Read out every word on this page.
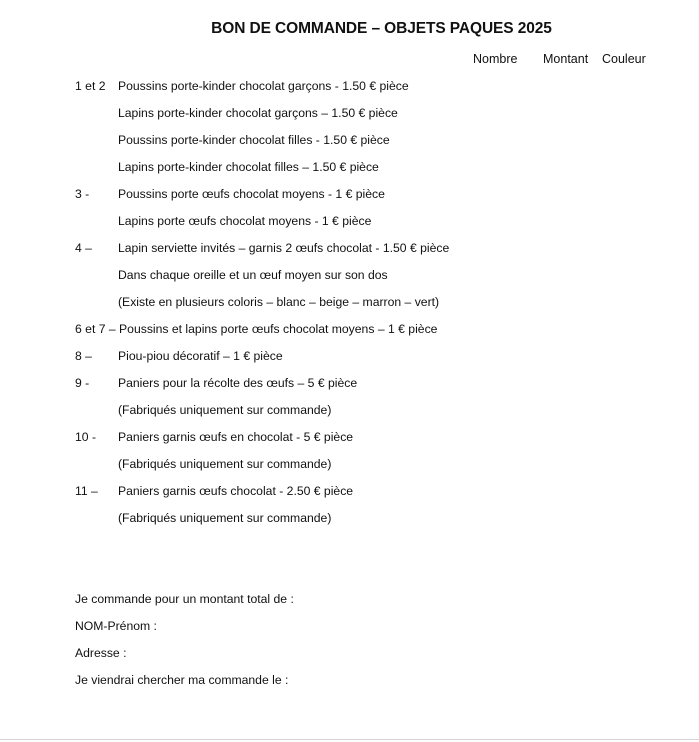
BON DE COMMANDE – OBJETS PAQUES 2025
Nombre Montant Couleur
1 et 2 Poussins porte-kinder chocolat garçons - 1.50 € pièce
Lapins porte-kinder chocolat garçons – 1.50 € pièce
Poussins porte-kinder chocolat filles - 1.50 € pièce
Lapins porte-kinder chocolat filles – 1.50 € pièce
3 - Poussins porte œufs chocolat moyens - 1 € pièce
Lapins porte œufs chocolat moyens - 1 € pièce
4 – Lapin serviette invités – garnis 2 œufs chocolat - 1.50 € pièce
Dans chaque oreille et un œuf moyen sur son dos
(Existe en plusieurs coloris – blanc – beige – marron – vert)
6 et 7 – Poussins et lapins porte œufs chocolat moyens – 1 € pièce
8 – Piou-piou décoratif – 1 € pièce
9 - Paniers pour la récolte des œufs – 5 € pièce
(Fabriqués uniquement sur commande)
10 - Paniers garnis œufs en chocolat - 5 € pièce
(Fabriqués uniquement sur commande)
11 – Paniers garnis œufs chocolat - 2.50 € pièce
(Fabriqués uniquement sur commande)
Je commande pour un montant total de :
NOM-Prénom :
Adresse :
Je viendrai chercher ma commande le :
